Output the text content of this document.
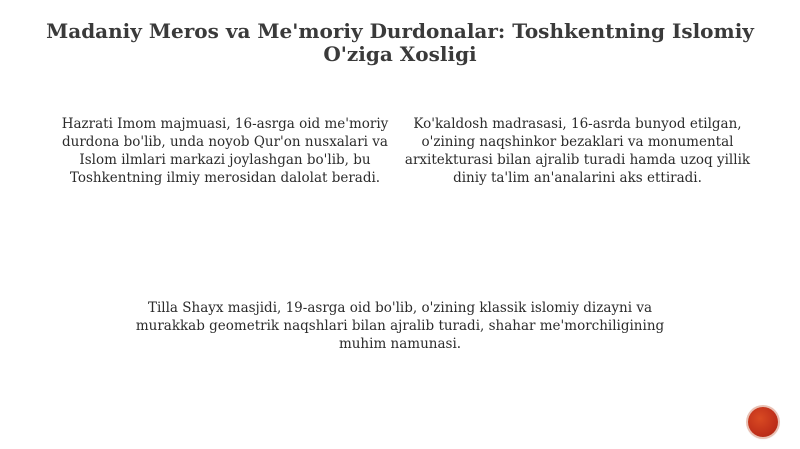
Madaniy Meros va Me'moriy Durdonalar: Toshkentning Islomiy O'ziga Xosligi

Hazrati Imom majmuasi, 16-asrga oid me'moriy durdona bo'lib, unda noyob Qur'on nusxalari va Islom ilmlari markazi joylashgan bo'lib, bu Toshkentning ilmiy merosidan dalolat beradi.

Ko'kaldosh madrasasi, 16-asrda bunyod etilgan, o'zining naqshinkor bezaklari va monumental arxitekturasi bilan ajralib turadi hamda uzoq yillik diniy ta'lim an'analarini aks ettiradi.

Tilla Shayx masjidi, 19-asrga oid bo'lib, o'zining klassik islomiy dizayni va murakkab geometrik naqshlari bilan ajralib turadi, shahar me'morchiligining muhim namunasi.
